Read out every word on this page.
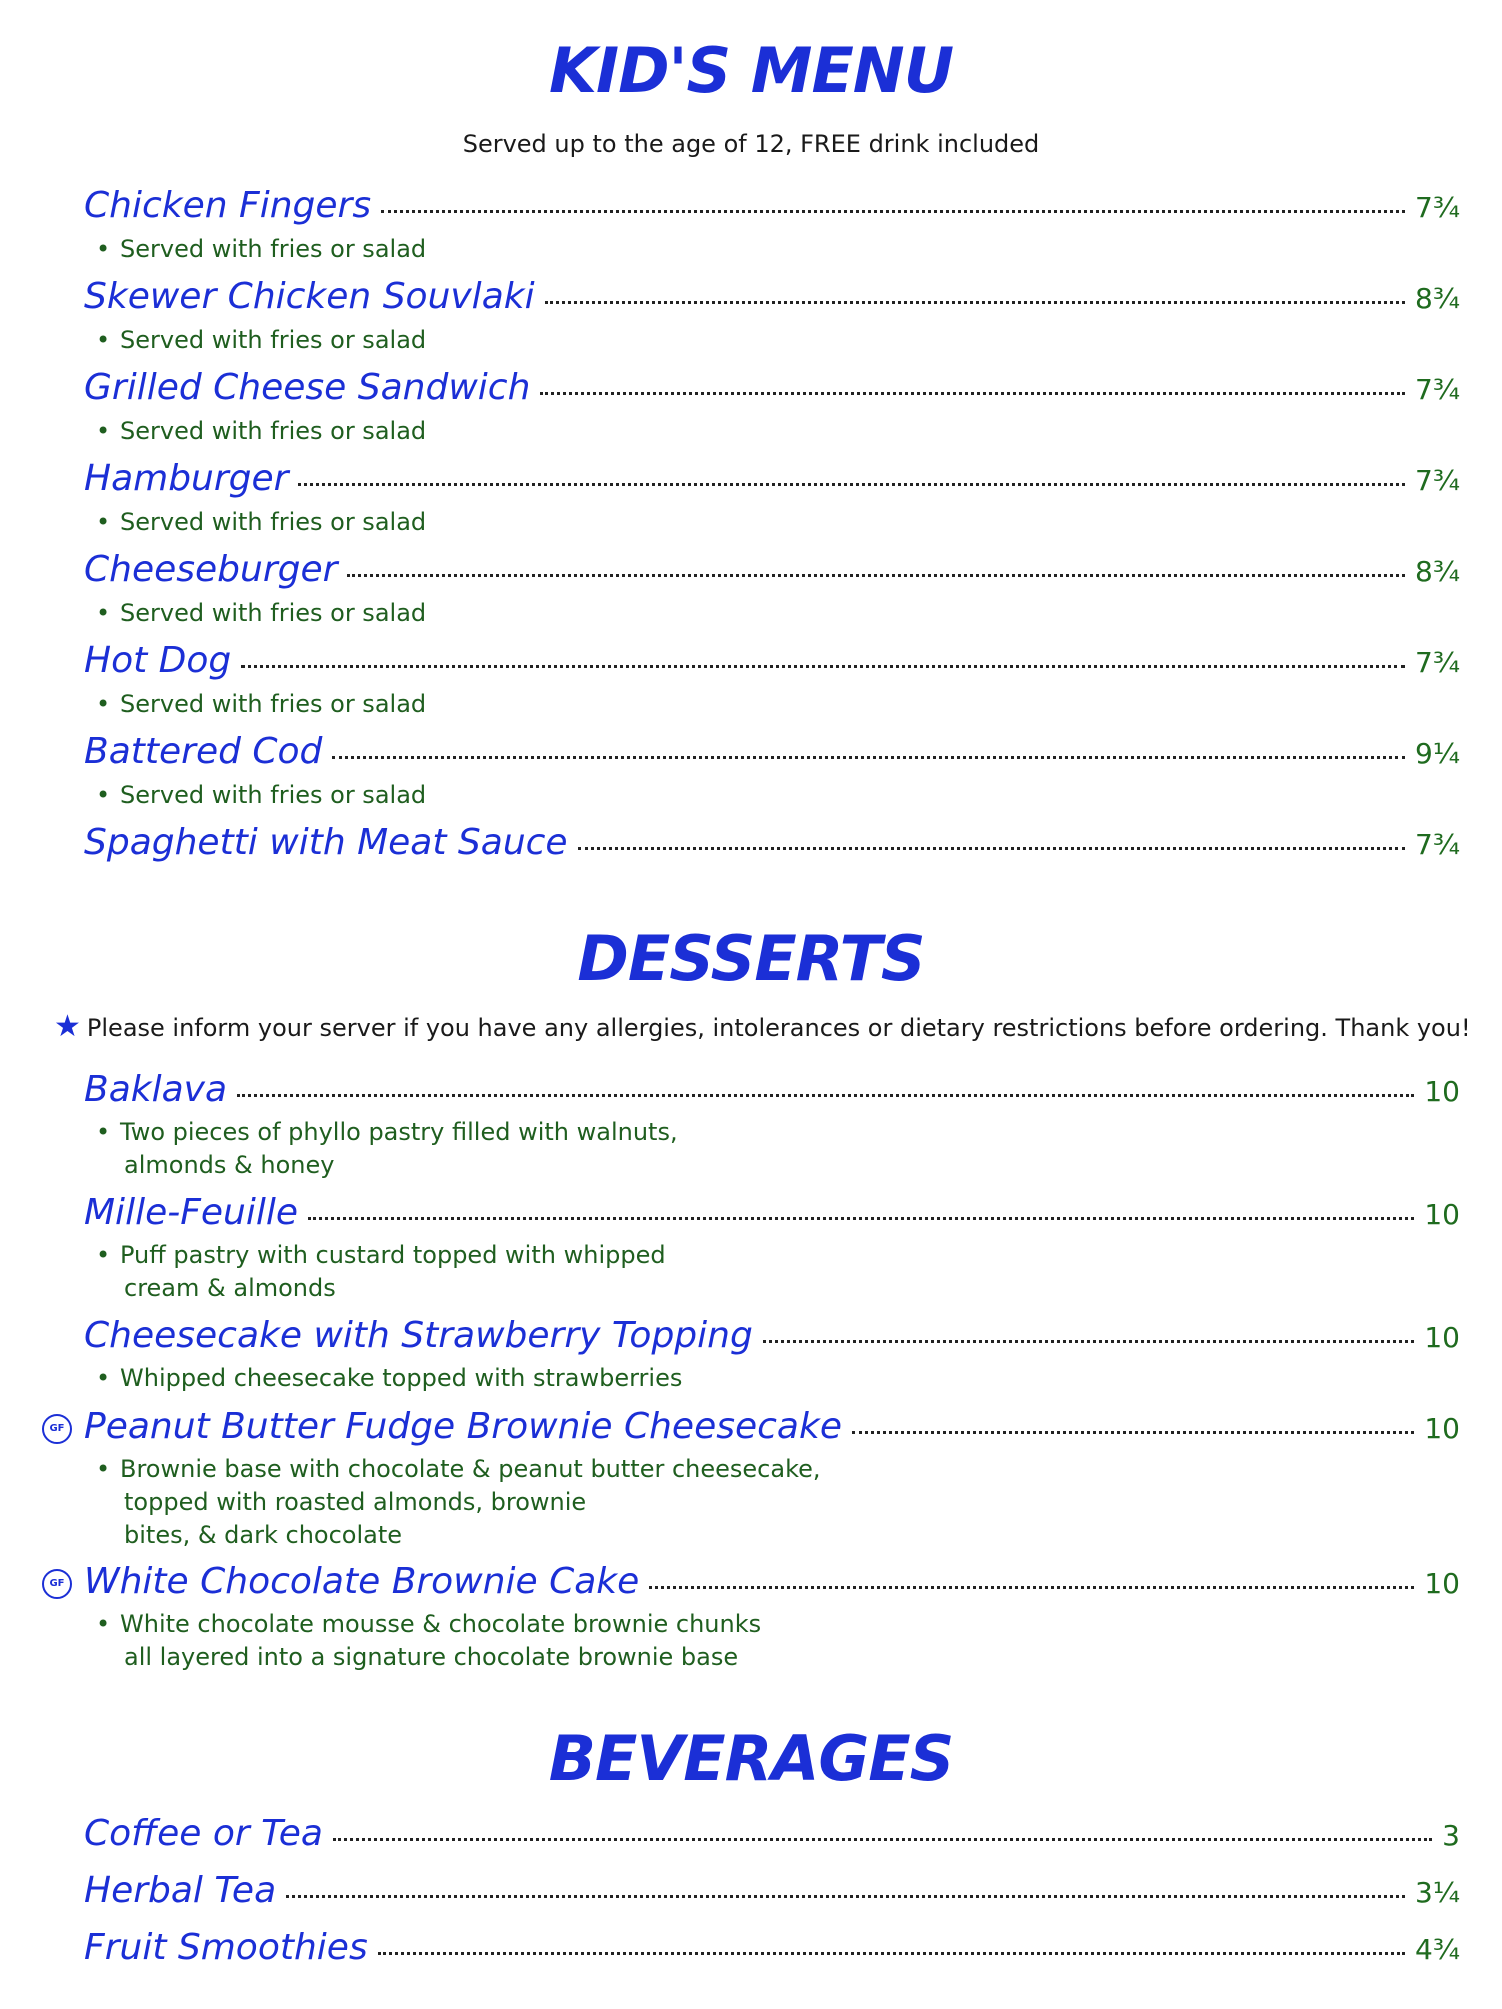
KID'S MENU
Served up to the age of 12, FREE drink included
Chicken Fingers	7¾
• Served with fries or salad
Skewer Chicken Souvlaki	8¾
• Served with fries or salad
Grilled Cheese Sandwich	7¾
• Served with fries or salad
Hamburger	7¾
• Served with fries or salad
Cheeseburger	8¾
• Served with fries or salad
Hot Dog	7¾
• Served with fries or salad
Battered Cod	9¼
• Served with fries or salad
Spaghetti with Meat Sauce	7¾
DESSERTS
★ Please inform your server if you have any allergies, intolerances or dietary restrictions before ordering. Thank you!
Baklava	10
• Two pieces of phyllo pastry filled with walnuts,
almonds & honey
Mille-Feuille	10
• Puff pastry with custard topped with whipped
cream & almonds
Cheesecake with Strawberry Topping	10
• Whipped cheesecake topped with strawberries
GF Peanut Butter Fudge Brownie Cheesecake	10
• Brownie base with chocolate & peanut butter cheesecake,
topped with roasted almonds, brownie
bites, & dark chocolate
GF White Chocolate Brownie Cake	10
• White chocolate mousse & chocolate brownie chunks
all layered into a signature chocolate brownie base
BEVERAGES
Coffee or Tea	3
Herbal Tea	3¼
Fruit Smoothies	4¾
